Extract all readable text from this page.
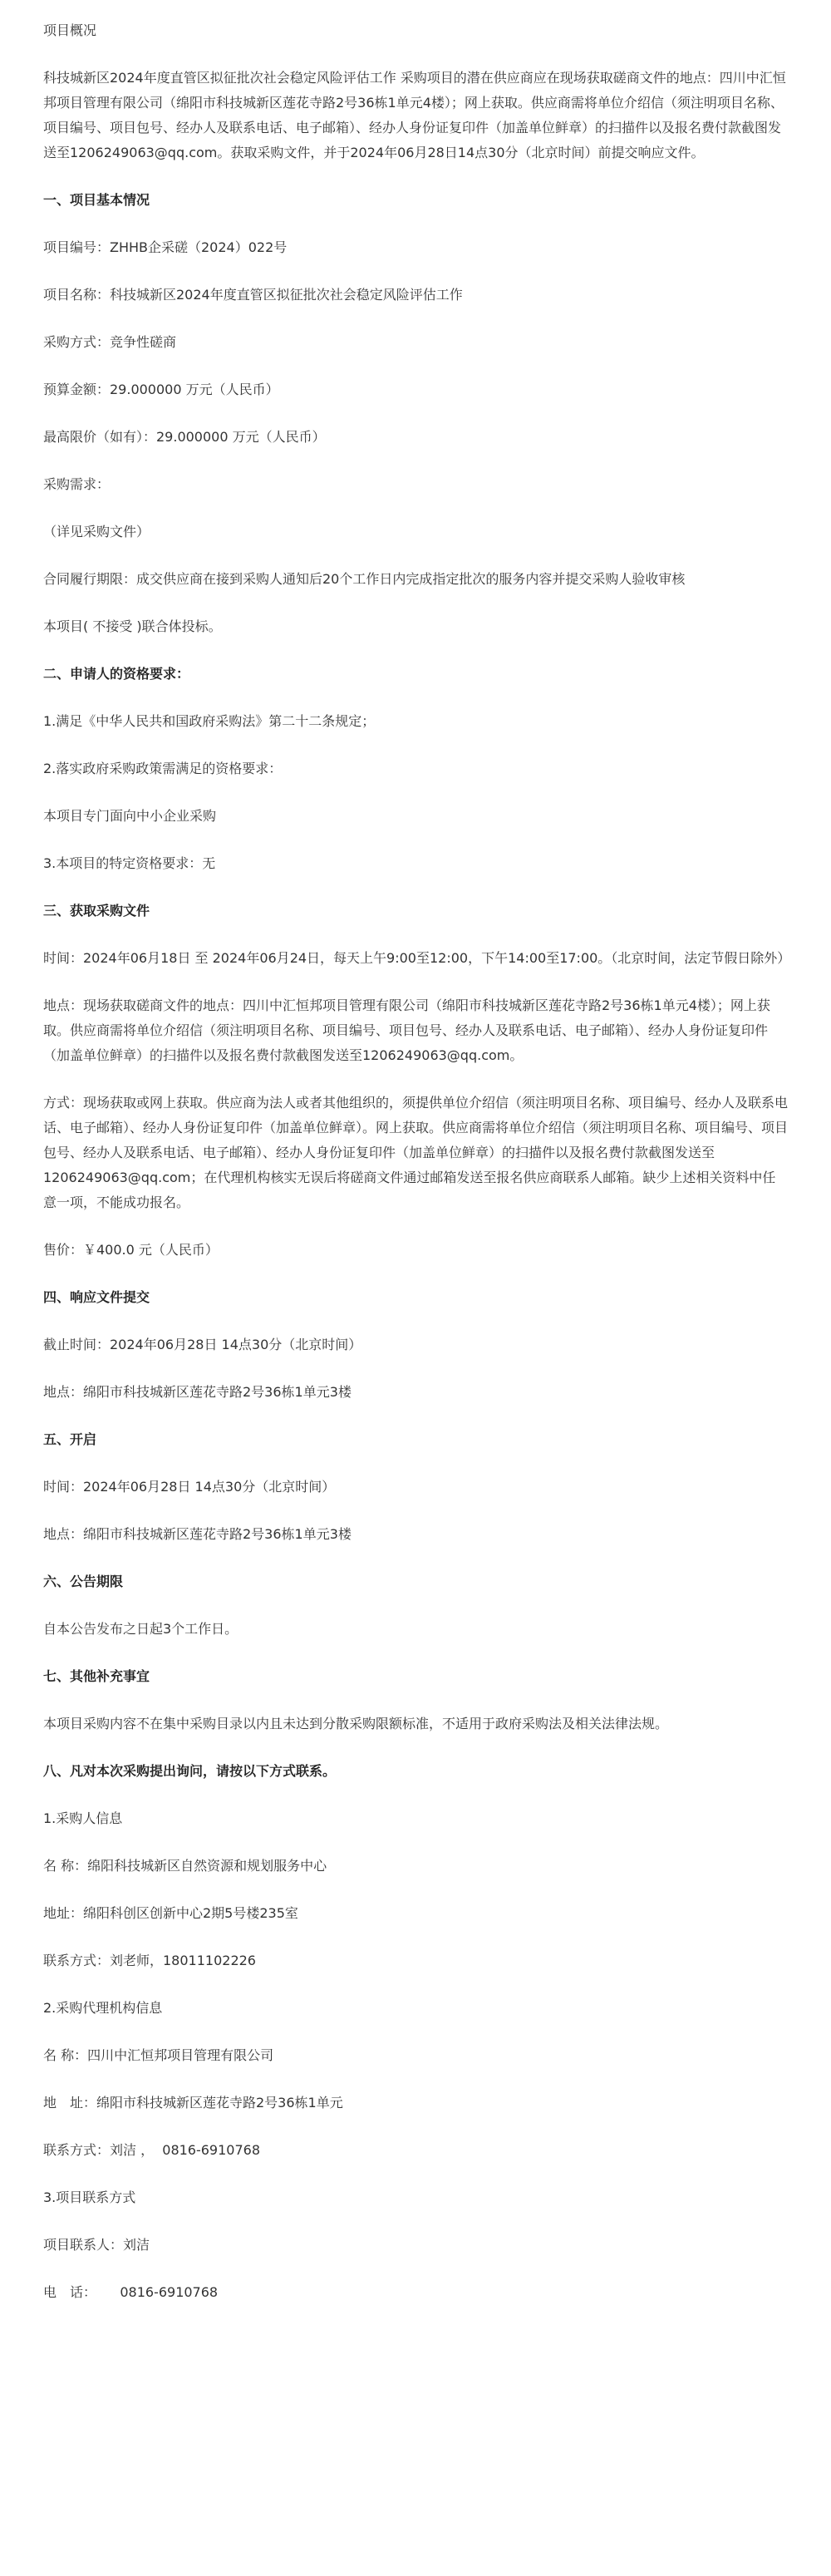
项目概况

科技城新区2024年度直管区拟征批次社会稳定风险评估工作 采购项目的潜在供应商应在现场获取磋商文件的地点：四川中汇恒邦项目管理有限公司（绵阳市科技城新区莲花寺路2号36栋1单元4楼）；网上获取。供应商需将单位介绍信（须注明项目名称、项目编号、项目包号、经办人及联系电话、电子邮箱）、经办人身份证复印件（加盖单位鲜章）的扫描件以及报名费付款截图发送至1206249063@qq.com。获取采购文件，并于2024年06月28日14点30分（北京时间）前提交响应文件。

一、项目基本情况

项目编号：ZHHB企采磋（2024）022号

项目名称：科技城新区2024年度直管区拟征批次社会稳定风险评估工作

采购方式：竞争性磋商

预算金额：29.000000 万元（人民币）

最高限价（如有）：29.000000 万元（人民币）

采购需求：

（详见采购文件）

合同履行期限：成交供应商在接到采购人通知后20个工作日内完成指定批次的服务内容并提交采购人验收审核

本项目( 不接受 )联合体投标。

二、申请人的资格要求：

1.满足《中华人民共和国政府采购法》第二十二条规定；

2.落实政府采购政策需满足的资格要求：

本项目专门面向中小企业采购

3.本项目的特定资格要求：无

三、获取采购文件

时间：2024年06月18日 至 2024年06月24日，每天上午9:00至12:00，下午14:00至17:00。（北京时间，法定节假日除外）

地点：现场获取磋商文件的地点：四川中汇恒邦项目管理有限公司（绵阳市科技城新区莲花寺路2号36栋1单元4楼）；网上获取。供应商需将单位介绍信（须注明项目名称、项目编号、项目包号、经办人及联系电话、电子邮箱）、经办人身份证复印件（加盖单位鲜章）的扫描件以及报名费付款截图发送至1206249063@qq.com。

方式：现场获取或网上获取。供应商为法人或者其他组织的，须提供单位介绍信（须注明项目名称、项目编号、经办人及联系电话、电子邮箱）、经办人身份证复印件（加盖单位鲜章）。网上获取。供应商需将单位介绍信（须注明项目名称、项目编号、项目包号、经办人及联系电话、电子邮箱）、经办人身份证复印件（加盖单位鲜章）的扫描件以及报名费付款截图发送至1206249063@qq.com；在代理机构核实无误后将磋商文件通过邮箱发送至报名供应商联系人邮箱。缺少上述相关资料中任意一项，不能成功报名。

售价：￥400.0 元（人民币）

四、响应文件提交

截止时间：2024年06月28日 14点30分（北京时间）

地点：绵阳市科技城新区莲花寺路2号36栋1单元3楼

五、开启

时间：2024年06月28日 14点30分（北京时间）

地点：绵阳市科技城新区莲花寺路2号36栋1单元3楼

六、公告期限

自本公告发布之日起3个工作日。

七、其他补充事宜

本项目采购内容不在集中采购目录以内且未达到分散采购限额标准，不适用于政府采购法及相关法律法规。

八、凡对本次采购提出询问，请按以下方式联系。

1.采购人信息

名 称：绵阳科技城新区自然资源和规划服务中心

地址：绵阳科创区创新中心2期5号楼235室

联系方式：刘老师，18011102226

2.采购代理机构信息

名 称：四川中汇恒邦项目管理有限公司

地　址：绵阳市科技城新区莲花寺路2号36栋1单元

联系方式：刘洁 ，  0816-6910768

3.项目联系方式

项目联系人：刘洁

电　话：　    0816-6910768
